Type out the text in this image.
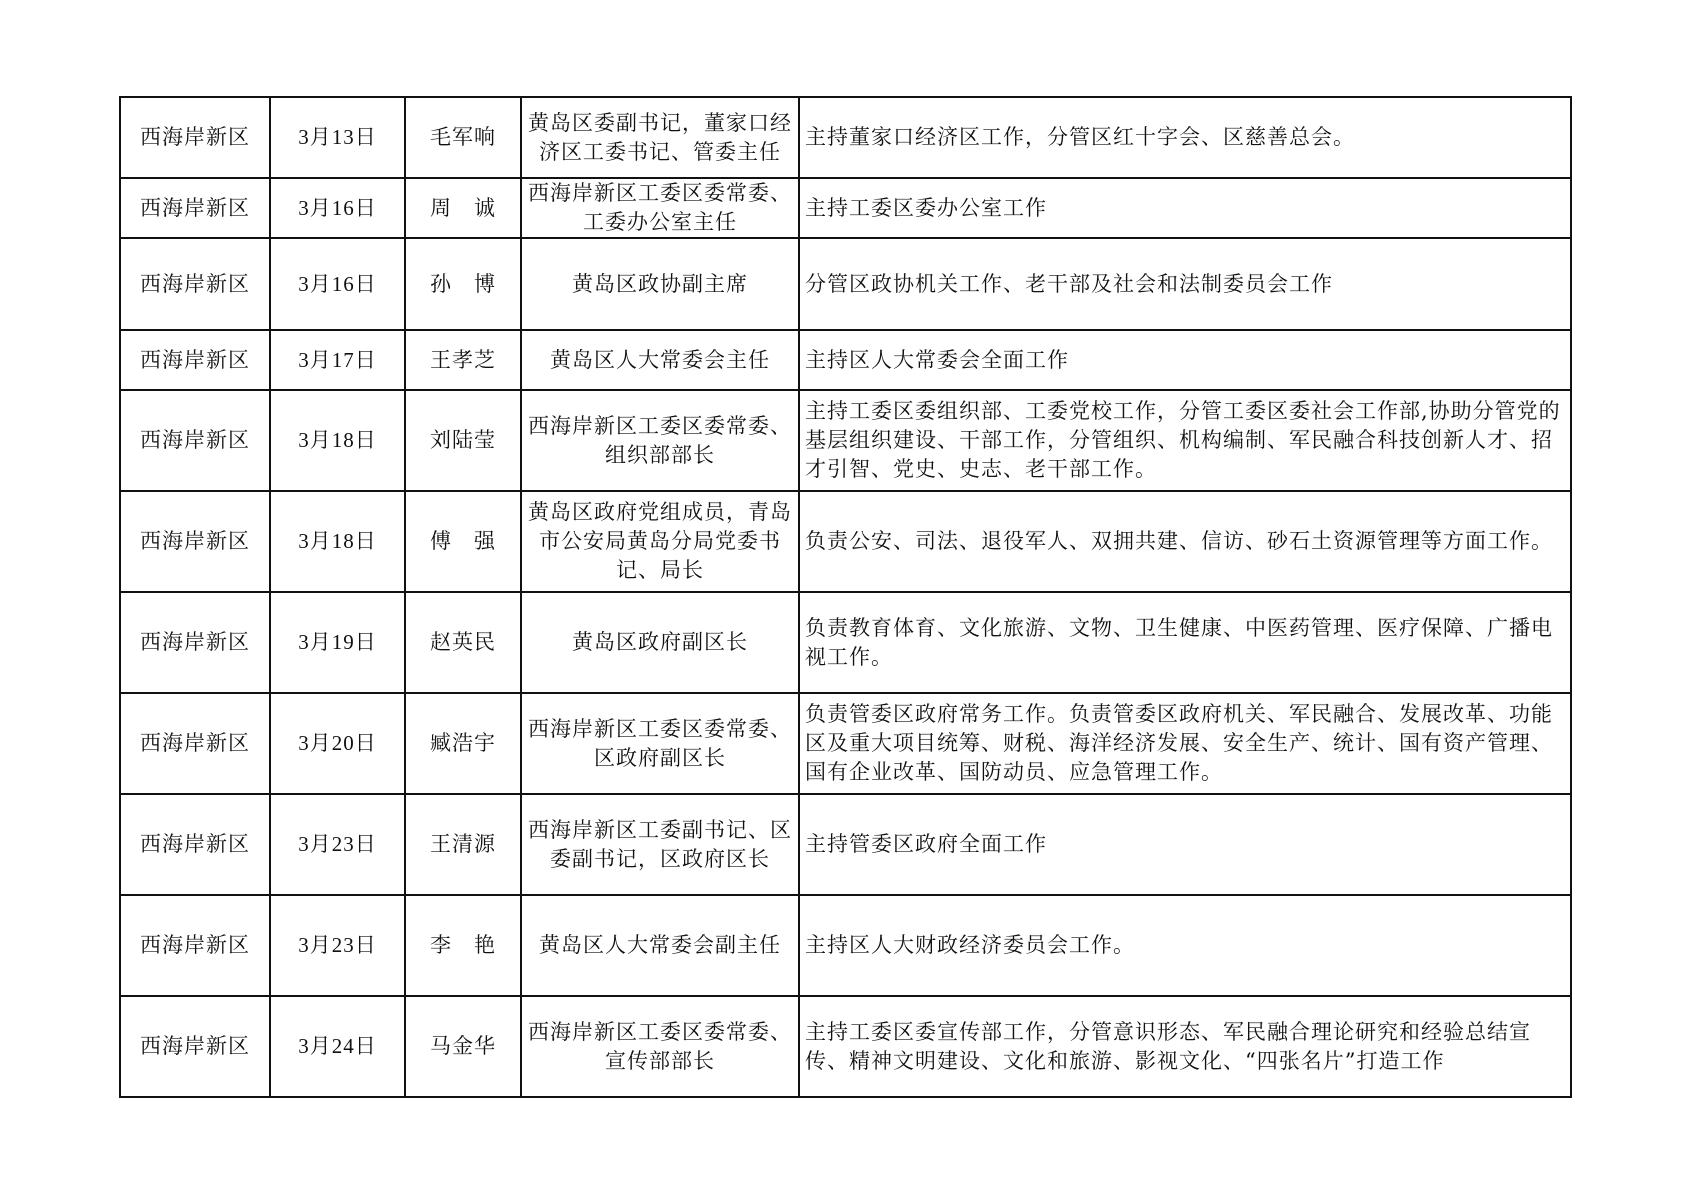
西海岸新区	3月13日	毛军响	黄岛区委副书记，董家口经济区工委书记、管委主任	主持董家口经济区工作，分管区红十字会、区慈善总会。
西海岸新区	3月16日	周　诚	西海岸新区工委区委常委、工委办公室主任	主持工委区委办公室工作
西海岸新区	3月16日	孙　博	黄岛区政协副主席	分管区政协机关工作、老干部及社会和法制委员会工作
西海岸新区	3月17日	王孝芝	黄岛区人大常委会主任	主持区人大常委会全面工作
西海岸新区	3月18日	刘陆莹	西海岸新区工委区委常委、组织部部长	主持工委区委组织部、工委党校工作，分管工委区委社会工作部,协助分管党的基层组织建设、干部工作，分管组织、机构编制、军民融合科技创新人才、招才引智、党史、史志、老干部工作。
西海岸新区	3月18日	傅　强	黄岛区政府党组成员，青岛市公安局黄岛分局党委书记、局长	负责公安、司法、退役军人、双拥共建、信访、砂石土资源管理等方面工作。
西海岸新区	3月19日	赵英民	黄岛区政府副区长	负责教育体育、文化旅游、文物、卫生健康、中医药管理、医疗保障、广播电视工作。
西海岸新区	3月20日	臧浩宇	西海岸新区工委区委常委、区政府副区长	负责管委区政府常务工作。负责管委区政府机关、军民融合、发展改革、功能区及重大项目统筹、财税、海洋经济发展、安全生产、统计、国有资产管理、国有企业改革、国防动员、应急管理工作。
西海岸新区	3月23日	王清源	西海岸新区工委副书记、区委副书记，区政府区长	主持管委区政府全面工作
西海岸新区	3月23日	李　艳	黄岛区人大常委会副主任	主持区人大财政经济委员会工作。
西海岸新区	3月24日	马金华	西海岸新区工委区委常委、宣传部部长	主持工委区委宣传部工作，分管意识形态、军民融合理论研究和经验总结宣传、精神文明建设、文化和旅游、影视文化、“四张名片”打造工作
